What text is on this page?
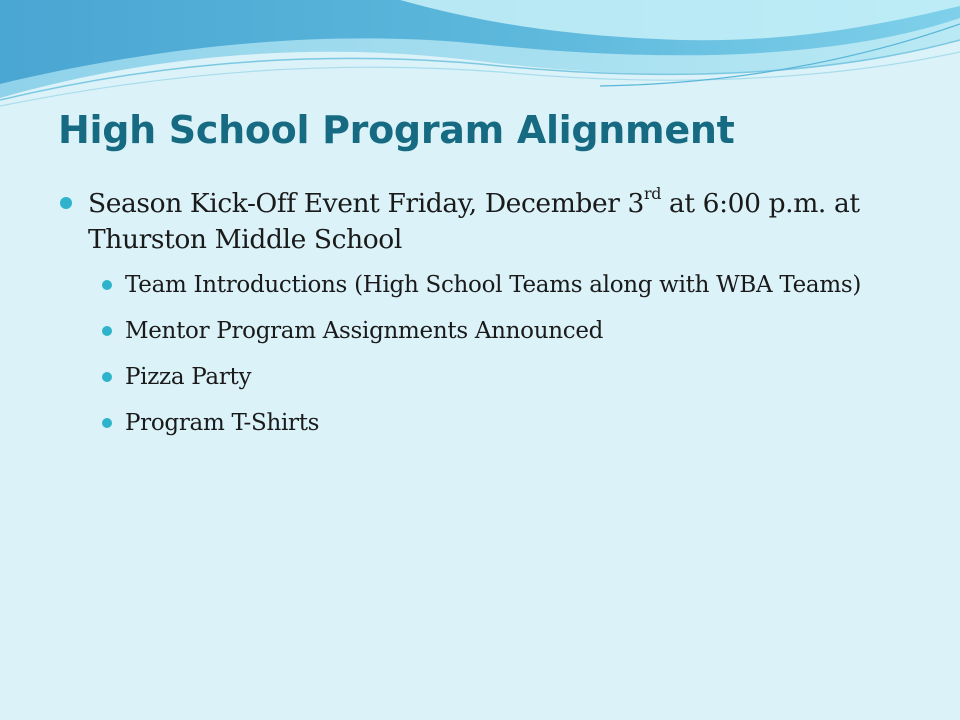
High School Program Alignment
Season Kick-Off Event Friday, December 3rd at 6:00 p.m. at Thurston Middle School
Team Introductions (High School Teams along with WBA Teams)
Mentor Program Assignments Announced
Pizza Party
Program T-Shirts
